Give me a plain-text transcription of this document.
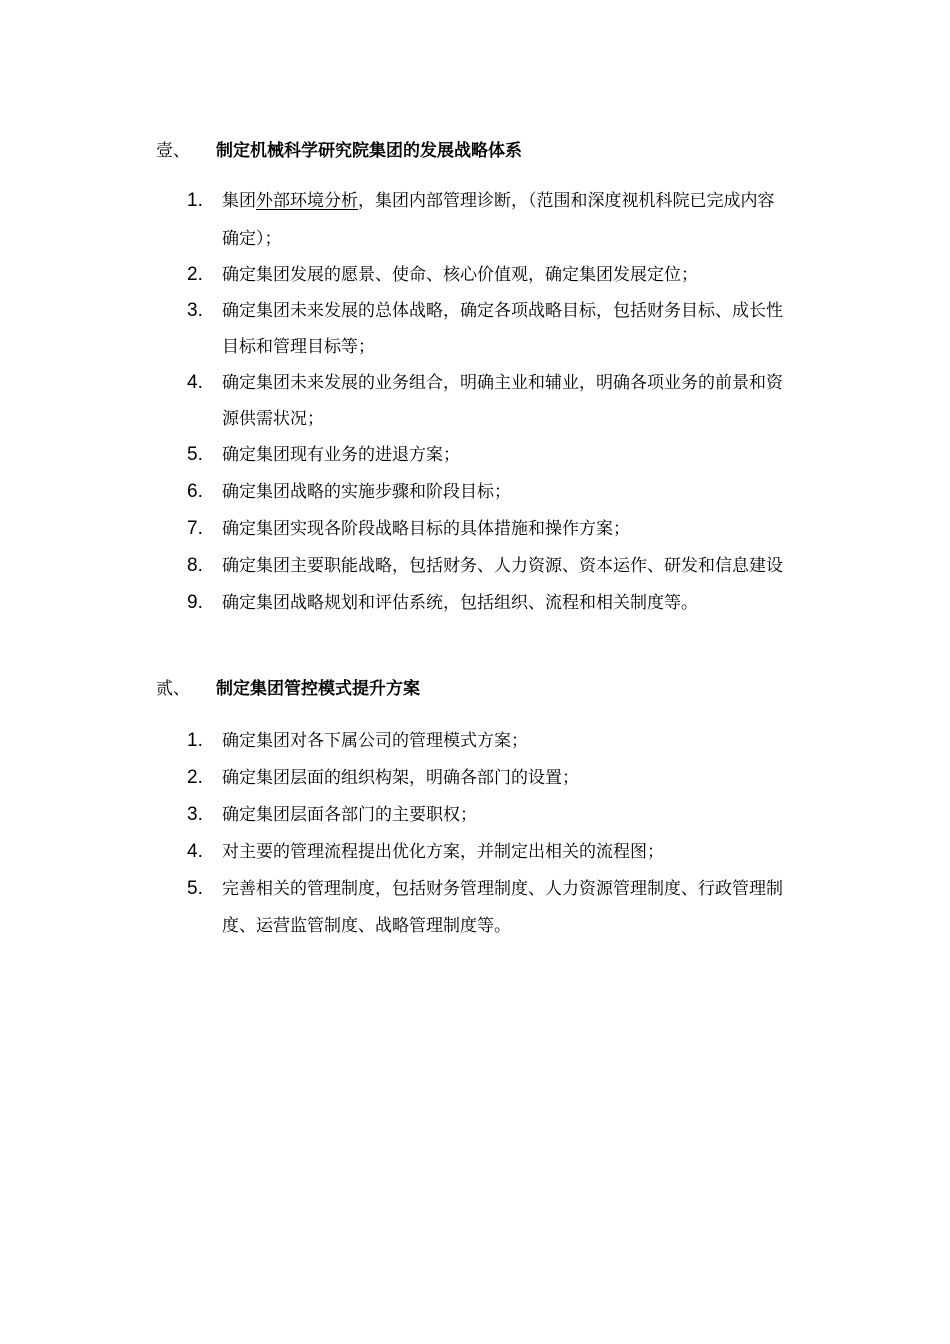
壹、 制定机械科学研究院集团的发展战略体系
1.	集团外部环境分析，集团内部管理诊断，（范围和深度视机科院已完成内容
确定）；
2.	确定集团发展的愿景、使命、核心价值观，确定集团发展定位；
3.	确定集团未来发展的总体战略，确定各项战略目标，包括财务目标、成长性
目标和管理目标等；
4.	确定集团未来发展的业务组合，明确主业和辅业，明确各项业务的前景和资
源供需状况；
5.	确定集团现有业务的进退方案；
6.	确定集团战略的实施步骤和阶段目标；
7.	确定集团实现各阶段战略目标的具体措施和操作方案；
8.	确定集团主要职能战略，包括财务、人力资源、资本运作、研发和信息建设
9.	确定集团战略规划和评估系统，包括组织、流程和相关制度等。
贰、 制定集团管控模式提升方案
1.	确定集团对各下属公司的管理模式方案；
2.	确定集团层面的组织构架，明确各部门的设置；
3.	确定集团层面各部门的主要职权；
4.	对主要的管理流程提出优化方案，并制定出相关的流程图；
5.	完善相关的管理制度，包括财务管理制度、人力资源管理制度、行政管理制
度、运营监管制度、战略管理制度等。
